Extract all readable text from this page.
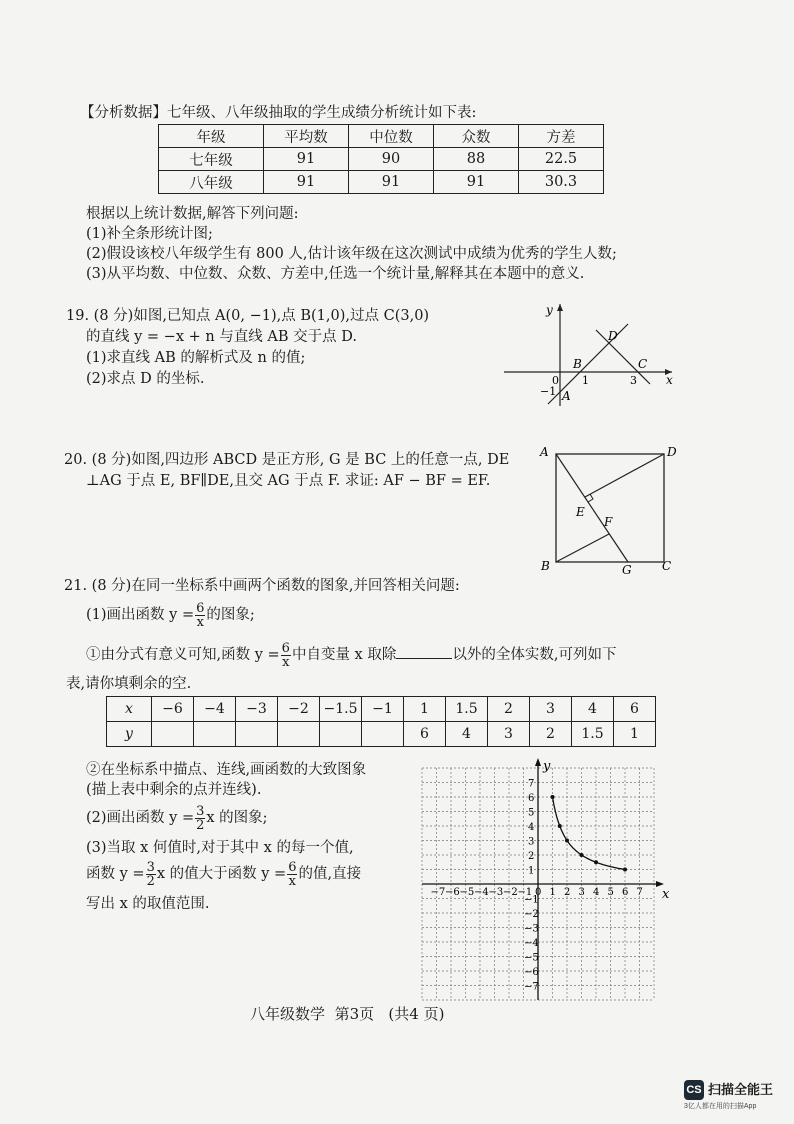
【分析数据】七年级、八年级抽取的学生成绩分析统计如下表:
年级	平均数	中位数	众数	方差
七年级	91	90	88	22.5
八年级	91	91	91	30.3
根据以上统计数据,解答下列问题:
(1)补全条形统计图;
(2)假设该校八年级学生有 800 人,估计该年级在这次测试中成绩为优秀的学生人数;
(3)从平均数、中位数、众数、方差中,任选一个统计量,解释其在本题中的意义.
19. (8 分)如图,已知点 A(0, −1),点 B(1,0),过点 C(3,0)
的直线 y = −x + n 与直线 AB 交于点 D.
(1)求直线 AB 的解析式及 n 的值;
(2)求点 D 的坐标.
y
x
D
B	C
0 1	3
−1 A
20. (8 分)如图,四边形 ABCD 是正方形, G 是 BC 上的任意一点, DE
⊥AG 于点 E, BF∥DE,且交 AG 于点 F. 求证: AF − BF = EF.
A	D
E
F
B	G	C
21. (8 分)在同一坐标系中画两个函数的图象,并回答相关问题:
(1)画出函数 $y = \frac{6}{x}$ 的图象;
①由分式有意义可知,函数 $y = \frac{6}{x}$ 中自变量 x 取除	以外的全体实数,可列如下
表,请你填剩余的空.
x	−6	−4	−3	−2	−1.5	−1	1	1.5	2	3	4	6
y							6	4	3	2	1.5	1
②在坐标系中描点、连线,画函数的大致图象
(描上表中剩余的点并连线).
(2)画出函数 $y = \frac{3}{2}$ x 的图象;
(3)当取 x 何值时,对于其中 x 的每一个值,
函数 $y = \frac{3}{2}$ x 的值大于函数 $y = \frac{6}{x}$ 的值,直接
写出 x 的取值范围.
−7 −6 −5 −4 −3 −2 −1 0 1 2 3 4 5 6 7
7
6
5
4
3
2
1
−1
−2
−3
−4
−5
−6
−7
x
y
八年级数学 第3页 (共4 页)
CS 扫描全能王
3亿人都在用的扫描App
